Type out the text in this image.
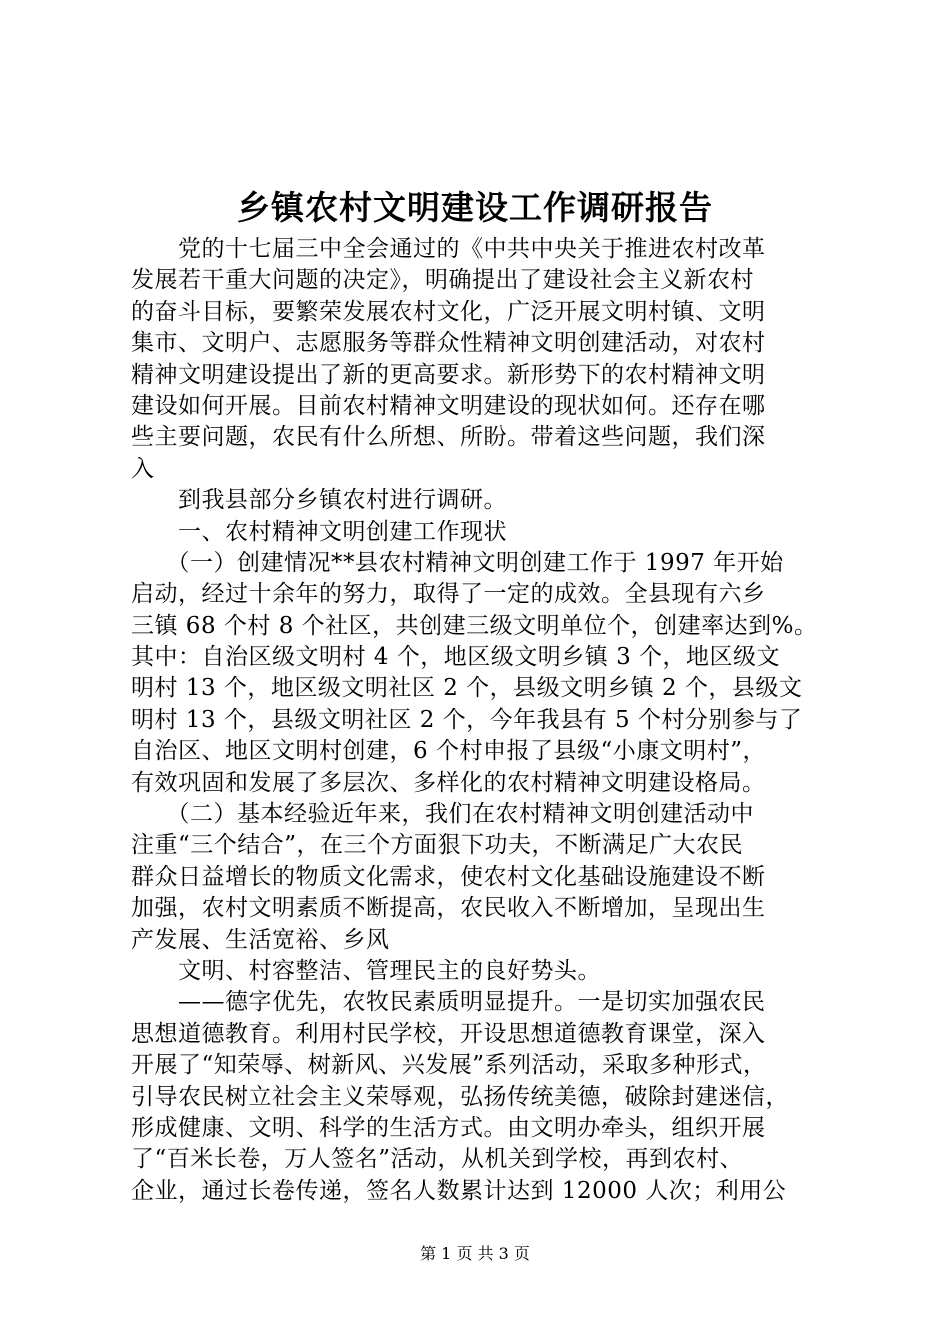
乡镇农村文明建设工作调研报告
　　党的十七届三中全会通过的《中共中央关于推进农村改革
发展若干重大问题的决定》，明确提出了建设社会主义新农村
的奋斗目标，要繁荣发展农村文化，广泛开展文明村镇、文明
集市、文明户、志愿服务等群众性精神文明创建活动，对农村
精神文明建设提出了新的更高要求。新形势下的农村精神文明
建设如何开展。目前农村精神文明建设的现状如何。还存在哪
些主要问题，农民有什么所想、所盼。带着这些问题，我们深
入
　　到我县部分乡镇农村进行调研。
　　一、农村精神文明创建工作现状
　　（一）创建情况**县农村精神文明创建工作于 1997 年开始
启动，经过十余年的努力，取得了一定的成效。全县现有六乡
三镇 68 个村 8 个社区，共创建三级文明单位个，创建率达到%。
其中：自治区级文明村 4 个，地区级文明乡镇 3 个，地区级文
明村 13 个，地区级文明社区 2 个，县级文明乡镇 2 个，县级文
明村 13 个，县级文明社区 2 个，今年我县有 5 个村分别参与了
自治区、地区文明村创建，6 个村申报了县级“小康文明村”，
有效巩固和发展了多层次、多样化的农村精神文明建设格局。
　　（二）基本经验近年来，我们在农村精神文明创建活动中
注重“三个结合”，在三个方面狠下功夫，不断满足广大农民
群众日益增长的物质文化需求，使农村文化基础设施建设不断
加强，农村文明素质不断提高，农民收入不断增加，呈现出生
产发展、生活宽裕、乡风
　　文明、村容整洁、管理民主的良好势头。
　　——德字优先，农牧民素质明显提升。一是切实加强农民
思想道德教育。利用村民学校，开设思想道德教育课堂，深入
开展了“知荣辱、树新风、兴发展”系列活动，采取多种形式，
引导农民树立社会主义荣辱观，弘扬传统美德，破除封建迷信，
形成健康、文明、科学的生活方式。由文明办牵头，组织开展
了“百米长卷，万人签名”活动，从机关到学校，再到农村、
企业，通过长卷传递，签名人数累计达到 12000 人次；利用公
第 1 页 共 3 页
